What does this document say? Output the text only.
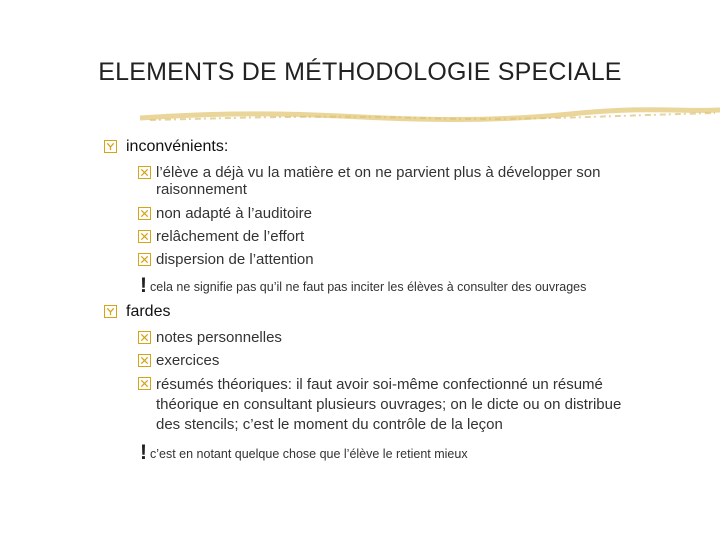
ELEMENTS DE MÉTHODOLOGIE SPECIALE
inconvénients:
l’élève a déjà vu la matière et on ne parvient plus à développer son raisonnement
non adapté à l’auditoire
relâchement de l’effort
dispersion de l’attention
! cela ne signifie pas qu’il ne faut pas inciter les élèves à consulter des ouvrages
fardes
notes personnelles
exercices
résumés théoriques: il faut avoir soi-même confectionné un résumé théorique en consultant plusieurs ouvrages; on le dicte ou on distribue des stencils; c’est le moment du contrôle de la leçon
! c’est en notant quelque chose que l’élève le retient mieux
